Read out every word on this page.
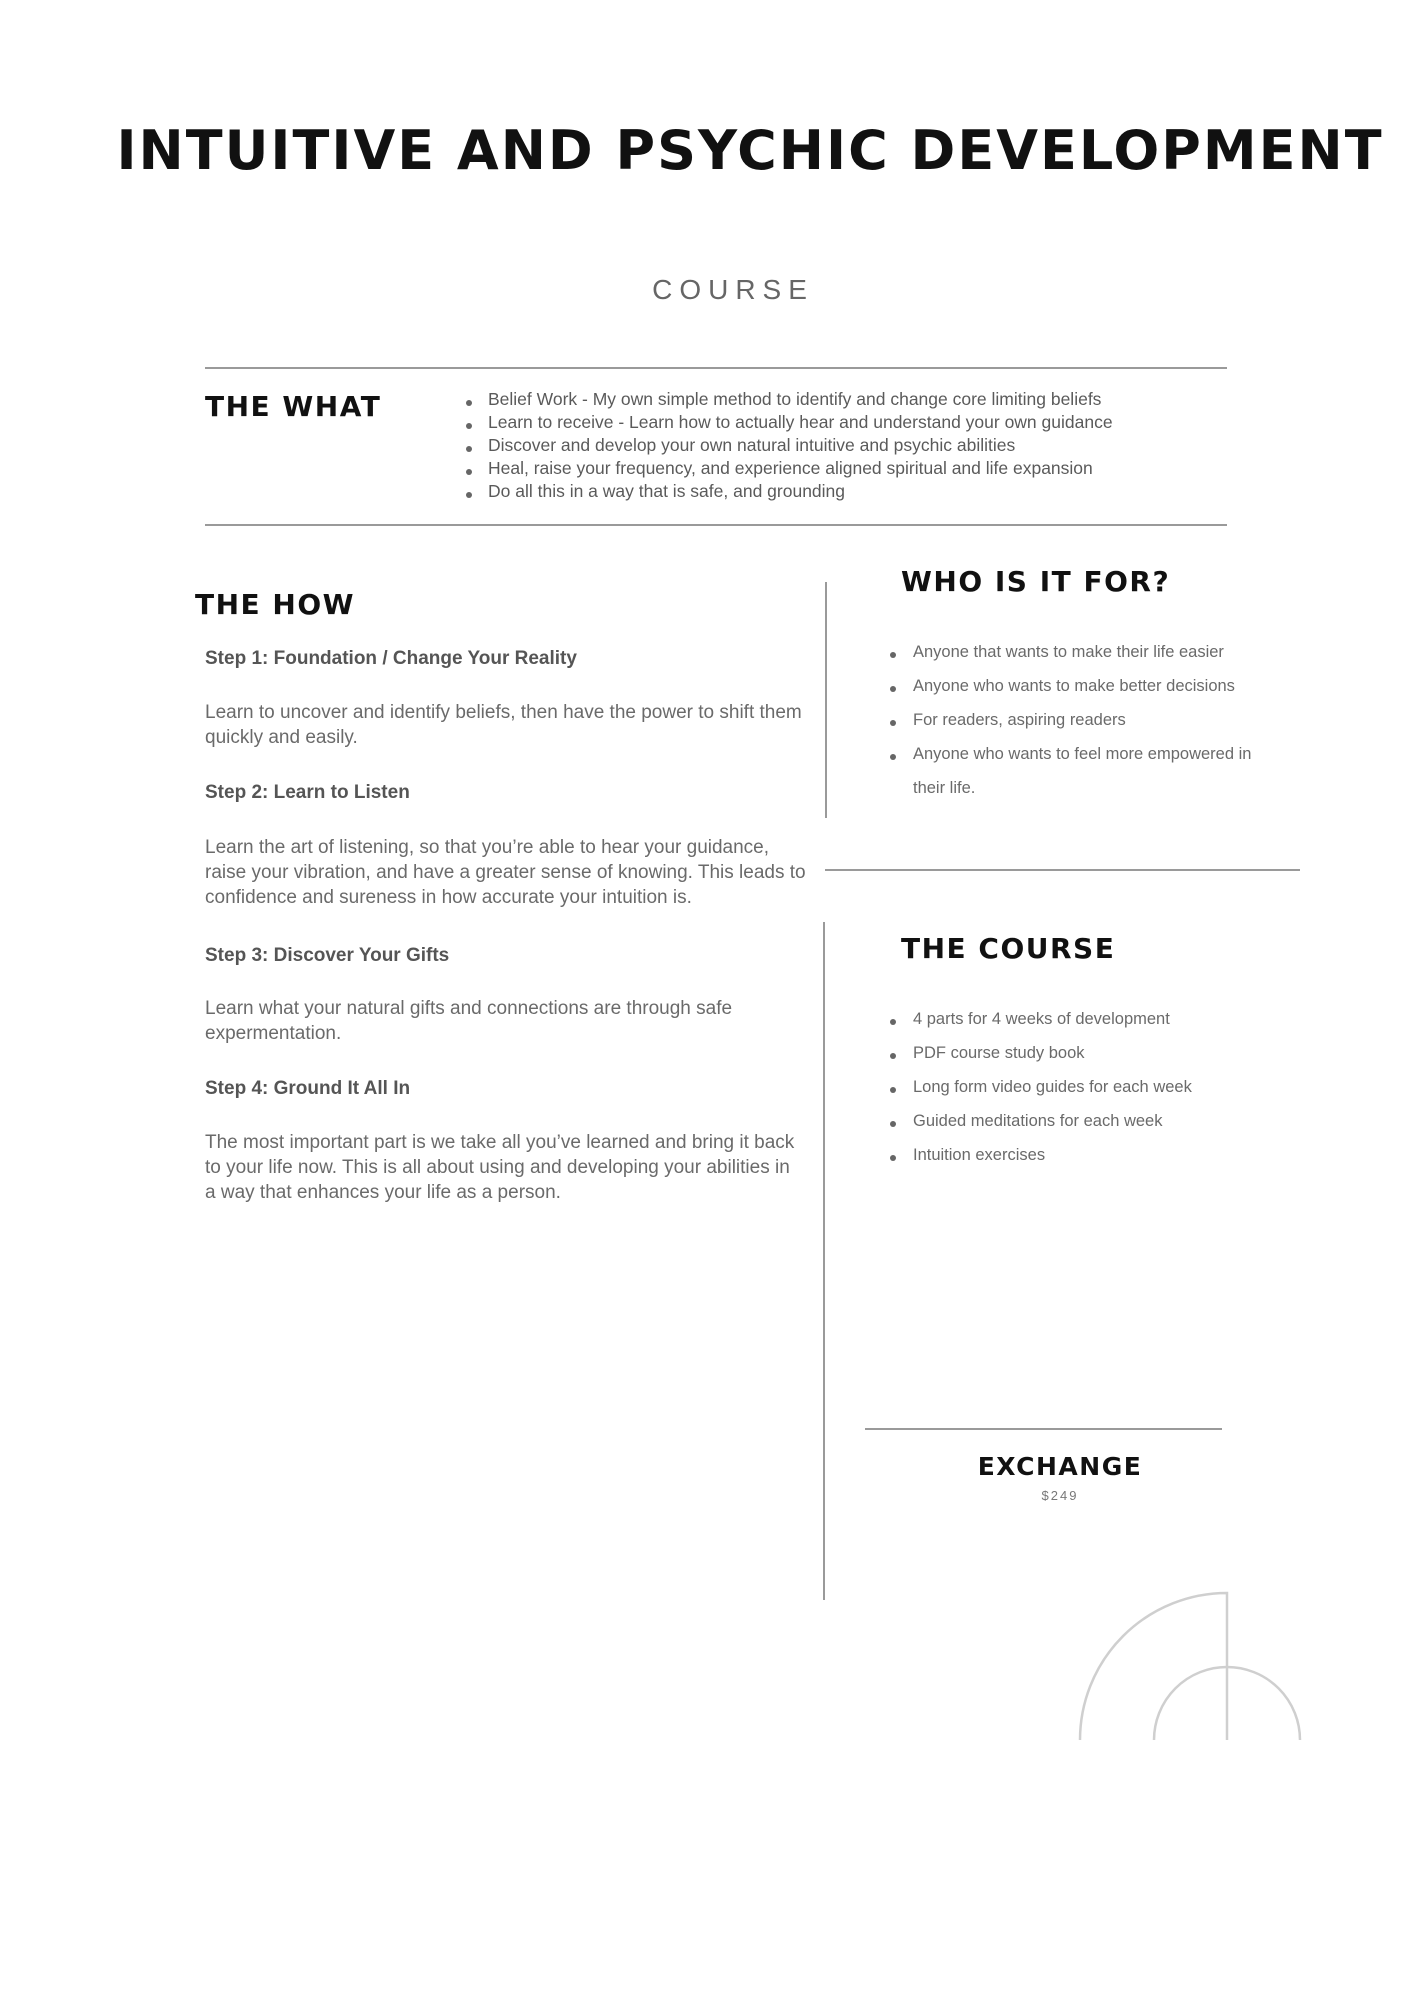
INTUITIVE AND PSYCHIC DEVELOPMENT
COURSE
THE WHAT	Belief Work - My own simple method to identify and change core limiting beliefs
Learn to receive - Learn how to actually hear and understand your own guidance
Discover and develop your own natural intuitive and psychic abilities
Heal, raise your frequency, and experience aligned spiritual and life expansion
Do all this in a way that is safe, and grounding
THE HOW

Step 1: Foundation / Change Your Reality

Learn to uncover and identify beliefs, then have the power to shift them quickly and easily.

Step 2: Learn to Listen

Learn the art of listening, so that you’re able to hear your guidance, raise your vibration, and have a greater sense of knowing. This leads to confidence and sureness in how accurate your intuition is.

Step 3: Discover Your Gifts

Learn what your natural gifts and connections are through safe expermentation.

Step 4: Ground It All In

The most important part is we take all you’ve learned and bring it back to your life now. This is all about using and developing your abilities in a way that enhances your life as a person.

WHO IS IT FOR?
Anyone that wants to make their life easier
Anyone who wants to make better decisions
For readers, aspiring readers
Anyone who wants to feel more empowered in their life.
THE COURSE
4 parts for 4 weeks of development
PDF course study book
Long form video guides for each week
Guided meditations for each week
Intuition exercises
EXCHANGE
$249
